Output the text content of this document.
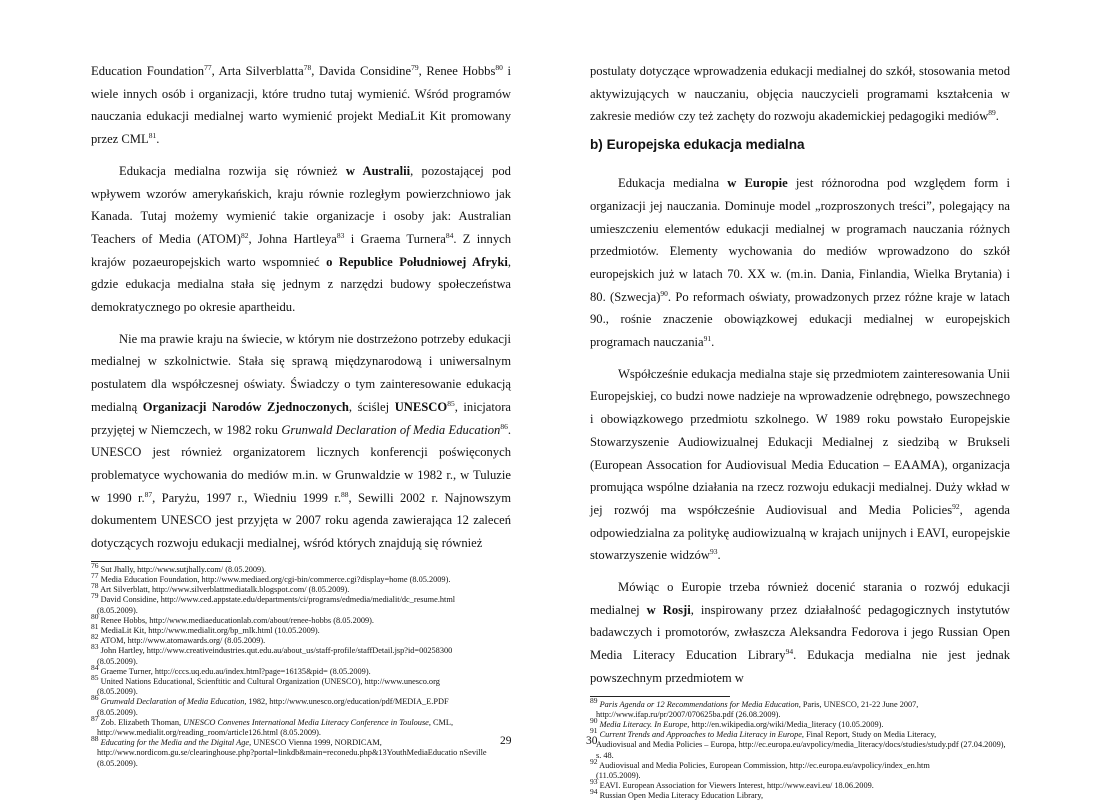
Education Foundation$^{77}$, Arta Silverblatta$^{78}$, Davida Considine$^{79}$, Renee Hobbs$^{80}$ i wiele innych osób i organizacji, które trudno tutaj wymienić. Wśród programów nauczania edukacji medialnej warto wymienić projekt MediaLit Kit promowany przez CML$^{81}$.

Edukacja medialna rozwija się również w Australii, pozostającej pod wpływem wzorów amerykańskich, kraju równie rozległym powierzchniowo jak Kanada. Tutaj możemy wymienić takie organizacje i osoby jak: Australian Teachers of Media (ATOM)$^{82}$, Johna Hartleya$^{83}$ i Graema Turnera$^{84}$. Z innych krajów pozaeuropejskich warto wspomnieć o Republice Południowej Afryki, gdzie edukacja medialna stała się jednym z narzędzi budowy społeczeństwa demokratycznego po okresie apartheidu.

Nie ma prawie kraju na świecie, w którym nie dostrzeżono potrzeby edukacji medialnej w szkolnictwie. Stała się sprawą międzynarodową i uniwersalnym postulatem dla współczesnej oświaty. Świadczy o tym zainteresowanie edukacją medialną Organizacji Narodów Zjednoczonych, ściślej UNESCO$^{85}$, inicjatora przyjętej w Niemczech, w 1982 roku Grunwald Declaration of Media Education$^{86}$. UNESCO jest również organizatorem licznych konferencji poświęconych problematyce wychowania do mediów m.in. w Grunwaldzie w 1982 r., w Tuluzie w 1990 r.$^{87}$, Paryżu, 1997 r., Wiedniu 1999 r.$^{88}$, Sewilli 2002 r. Najnowszym dokumentem UNESCO jest przyjęta w 2007 roku agenda zawierająca 12 zaleceń dotyczących rozwoju edukacji medialnej, wśród których znajdują się również

$^{76}$ Sut Jhally, http://www.sutjhally.com/ (8.05.2009).

$^{77}$ Media Education Foundation, http://www.mediaed.org/cgi-bin/commerce.cgi?display=home (8.05.2009).

$^{78}$ Art Silverblatt, http://www.silverblattmediatalk.blogspot.com/ (8.05.2009).

$^{79}$ David Considine, http://www.ced.appstate.edu/departments/ci/programs/edmedia/medialit/dc_resume.html
(8.05.2009).

$^{80}$ Renee Hobbs, http://www.mediaeducationlab.com/about/renee-hobbs (8.05.2009).

$^{81}$ MediaLit Kit, http://www.medialit.org/bp_mlk.html (10.05.2009).

$^{82}$ ATOM, http://www.atomawards.org/ (8.05.2009).

$^{83}$ John Hartley, http://www.creativeindustries.qut.edu.au/about_us/staff-profile/staffDetail.jsp?id=00258300
(8.05.2009).

$^{84}$ Graeme Turner, http://cccs.uq.edu.au/index.html?page=16135&pid= (8.05.2009).

$^{85}$ United Nations Educational, Scienftitic and Cultural Organization (UNESCO), http://www.unesco.org
(8.05.2009).

$^{86}$ Grunwald Declaration of Media Education, 1982, http://www.unesco.org/education/pdf/MEDIA_E.PDF
(8.05.2009).

$^{87}$ Zob. Elizabeth Thoman, UNESCO Convenes International Media Literacy Conference in Toulouse, CML,
http://www.medialit.org/reading_room/article126.html (8.05.2009).

$^{88}$ Educating for the Media and the Digital Age, UNESCO Vienna 1999, NORDICAM,
http://www.nordicom.gu.se/clearinghouse.php?portal=linkdb&main=reconedu.php&13YouthMediaEducatio nSeville (8.05.2009).

29

postulaty dotyczące wprowadzenia edukacji medialnej do szkół, stosowania metod aktywizujących w nauczaniu, objęcia nauczycieli programami kształcenia w zakresie mediów czy też zachęty do rozwoju akademickiej pedagogiki mediów$^{89}$.

b) Europejska edukacja medialna

Edukacja medialna w Europie jest różnorodna pod względem form i organizacji jej nauczania. Dominuje model „rozproszonych treści”, polegający na umieszczeniu elementów edukacji medialnej w programach nauczania różnych przedmiotów. Elementy wychowania do mediów wprowadzono do szkół europejskich już w latach 70. XX w. (m.in. Dania, Finlandia, Wielka Brytania) i 80. (Szwecja)$^{90}$. Po reformach oświaty, prowadzonych przez różne kraje w latach 90., rośnie znaczenie obowiązkowej edukacji medialnej w europejskich programach nauczania$^{91}$.

Współcześnie edukacja medialna staje się przedmiotem zainteresowania Unii Europejskiej, co budzi nowe nadzieje na wprowadzenie odrębnego, powszechnego i obowiązkowego przedmiotu szkolnego. W 1989 roku powstało Europejskie Stowarzyszenie Audiowizualnej Edukacji Medialnej z siedzibą w Brukseli (European Assocation for Audiovisual Media Education – EAAMA), organizacja promująca wspólne działania na rzecz rozwoju edukacji medialnej. Duży wkład w jej rozwój ma współcześnie Audiovisual and Media Policies$^{92}$, agenda odpowiedzialna za politykę audiowizualną w krajach unijnych i EAVI, europejskie stowarzyszenie widzów$^{93}$.

Mówiąc o Europie trzeba również docenić starania o rozwój edukacji medialnej w Rosji, inspirowany przez działalność pedagogicznych instytutów badawczych i promotorów, zwłaszcza Aleksandra Fedorova i jego Russian Open Media Literacy Education Library$^{94}$. Edukacja medialna nie jest jednak powszechnym przedmiotem w

$^{89}$ Paris Agenda or 12 Recommendations for Media Education, Paris, UNESCO, 21-22 June 2007,
http://www.ifap.ru/pr/2007/070625ba.pdf (26.08.2009).

$^{90}$ Media Literacy. In Europe, http://en.wikipedia.org/wiki/Media_literacy (10.05.2009).

$^{91}$ Current Trends and Approaches to Media Literacy in Europe, Final Report, Study on Media Literacy,
Audiovisual and Media Policies – Europa, http://ec.europa.eu/avpolicy/media_literacy/docs/studies/study.pdf (27.04.2009), s. 48.

$^{92}$ Audiovisual and Media Policies, European Commission, http://ec.europa.eu/avpolicy/index_en.htm
(11.05.2009).

$^{93}$ EAVI. European Association for Viewers Interest, http://www.eavi.eu/ 18.06.2009.

$^{94}$ Russian Open Media Literacy Education Library,

30
